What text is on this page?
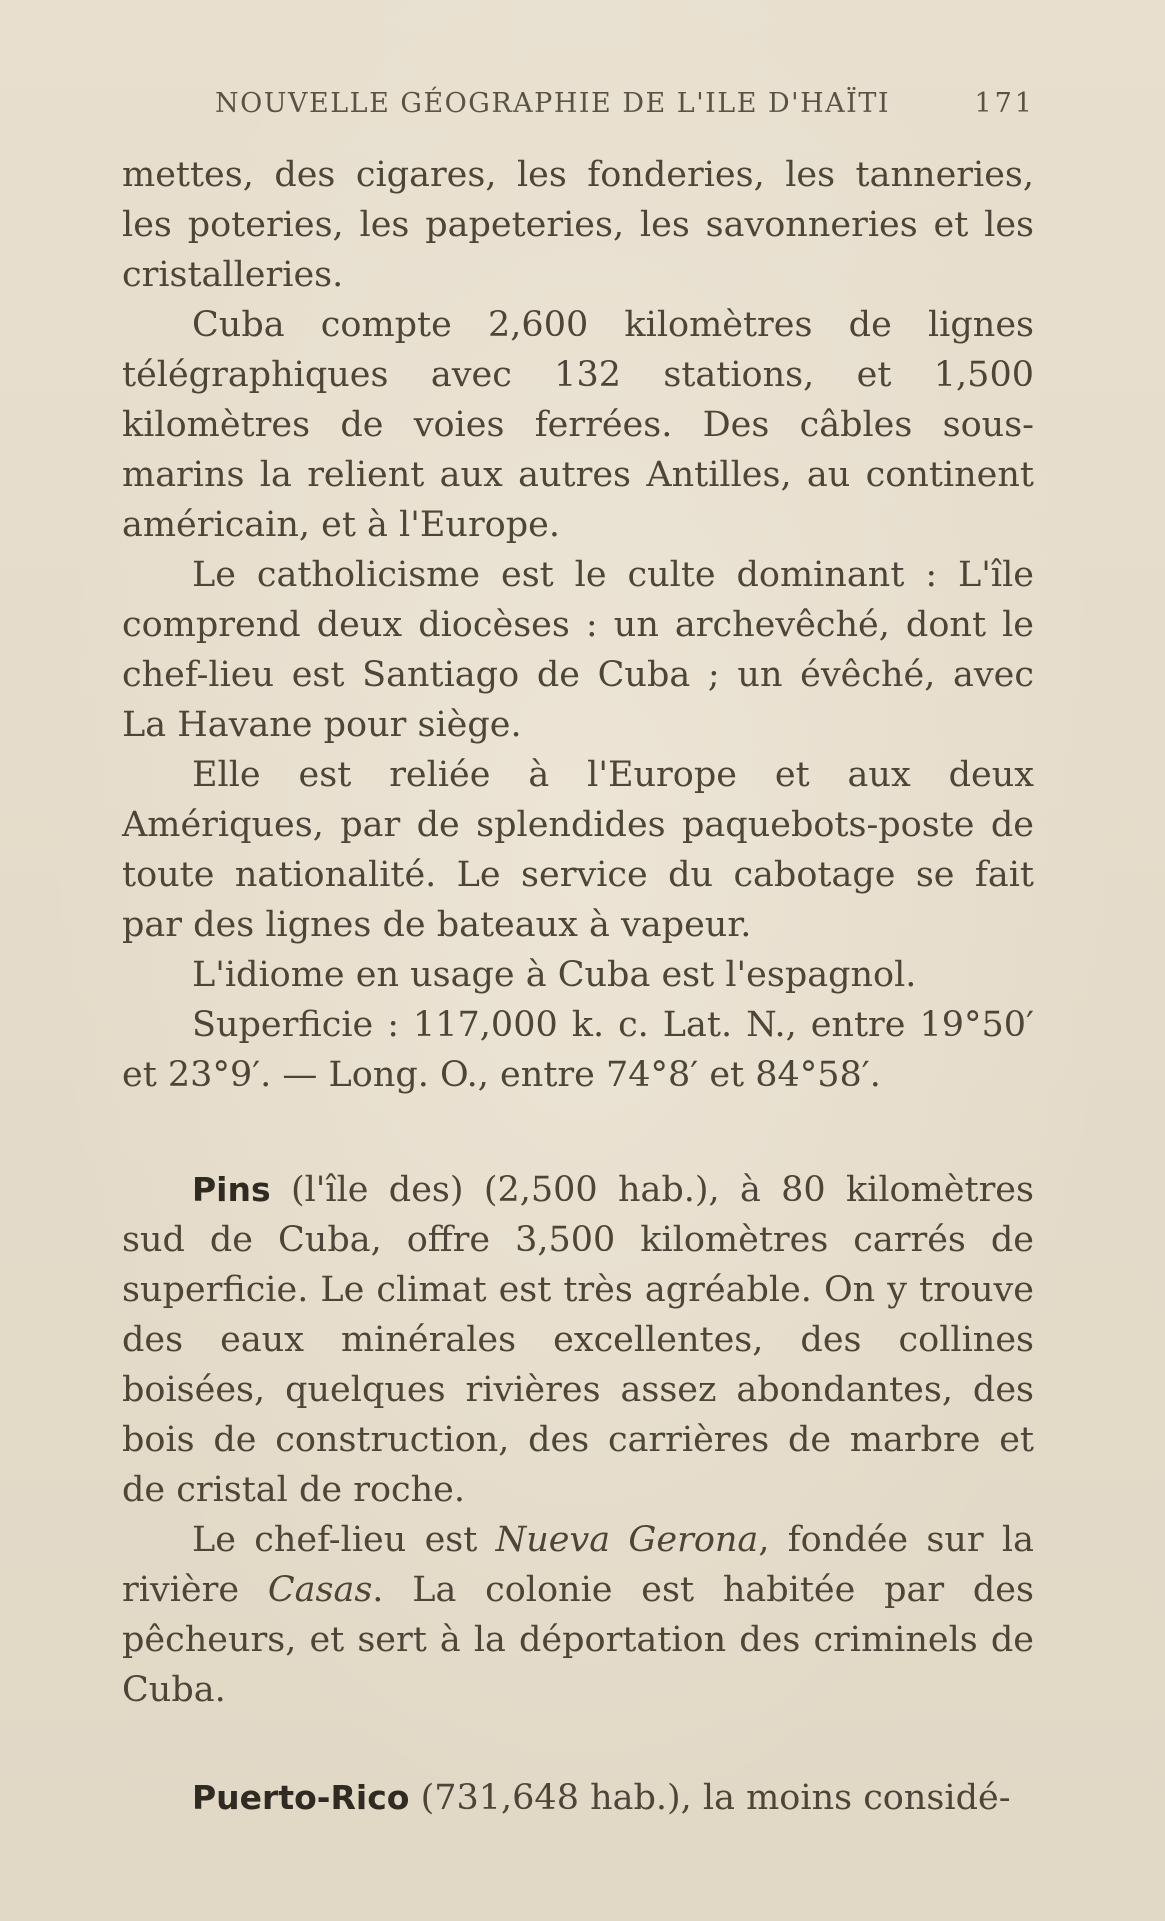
NOUVELLE GÉOGRAPHIE DE L'ILE D'HAÏTI	171

mettes, des cigares, les fonderies, les tanneries, les poteries, les papeteries, les savonneries et les cristalleries.

Cuba compte 2,600 kilomètres de lignes télégraphiques avec 132 stations, et 1,500 kilomètres de voies ferrées. Des câbles sous-marins la relient aux autres Antilles, au continent américain, et à l'Europe.

Le catholicisme est le culte dominant : L'île comprend deux diocèses : un archevêché, dont le chef-lieu est Santiago de Cuba ; un évêché, avec La Havane pour siège.

Elle est reliée à l'Europe et aux deux Amériques, par de splendides paquebots-poste de toute nationalité. Le service du cabotage se fait par des lignes de bateaux à vapeur.

L'idiome en usage à Cuba est l'espagnol.

Superficie : 117,000 k. c. Lat. N., entre 19°50′ et 23°9′. — Long. O., entre 74°8′ et 84°58′.

Pins (l'île des) (2,500 hab.), à 80 kilomètres sud de Cuba, offre 3,500 kilomètres carrés de superficie. Le climat est très agréable. On y trouve des eaux minérales excellentes, des collines boisées, quelques rivières assez abondantes, des bois de construction, des carrières de marbre et de cristal de roche.

Le chef-lieu est Nueva Gerona, fondée sur la rivière Casas. La colonie est habitée par des pêcheurs, et sert à la déportation des criminels de Cuba.

Puerto-Rico (731,648 hab.), la moins considé-
